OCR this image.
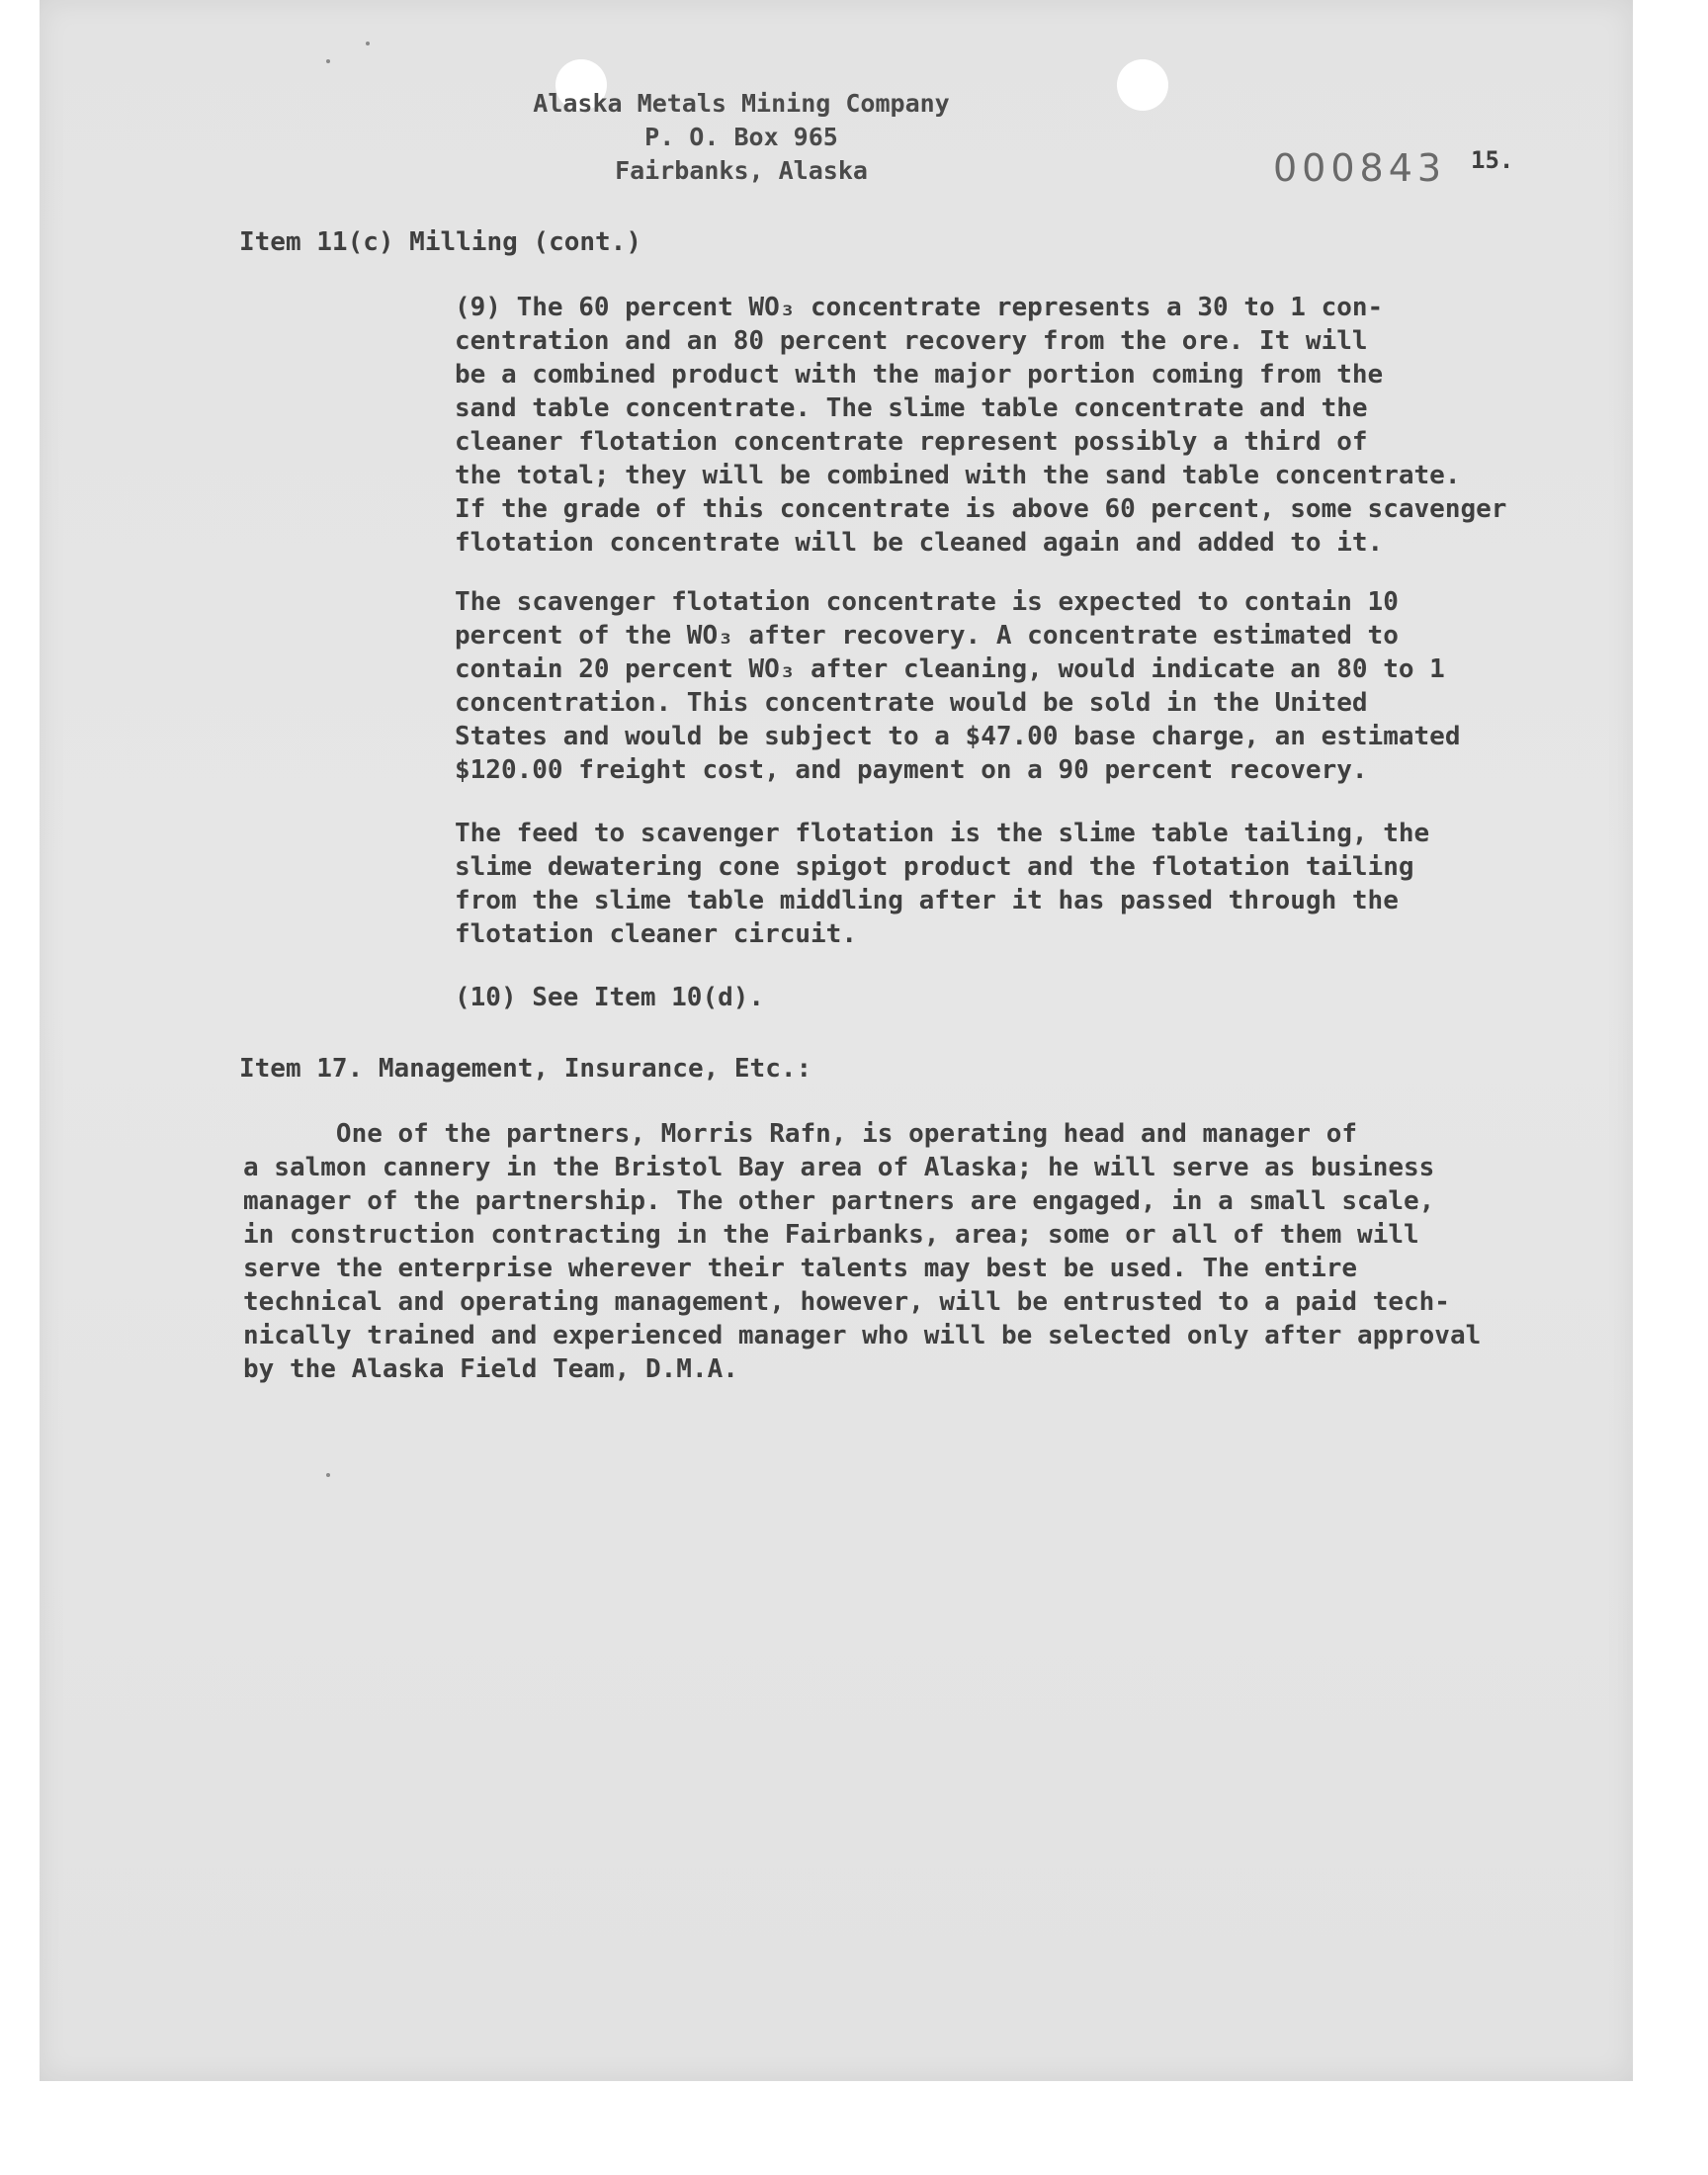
Alaska Metals Mining Company
P. O. Box 965
Fairbanks, Alaska	000843 15.
Item 11(c) Milling (cont.)
(9) The 60 percent WO₃ concentrate represents a 30 to 1 con-
centration and an 80 percent recovery from the ore. It will
be a combined product with the major portion coming from the
sand table concentrate. The slime table concentrate and the
cleaner flotation concentrate represent possibly a third of
the total; they will be combined with the sand table concentrate.
If the grade of this concentrate is above 60 percent, some scavenger
flotation concentrate will be cleaned again and added to it.
The scavenger flotation concentrate is expected to contain 10
percent of the WO₃ after recovery. A concentrate estimated to
contain 20 percent WO₃ after cleaning, would indicate an 80 to 1
concentration. This concentrate would be sold in the United
States and would be subject to a $47.00 base charge, an estimated
$120.00 freight cost, and payment on a 90 percent recovery.
The feed to scavenger flotation is the slime table tailing, the
slime dewatering cone spigot product and the flotation tailing
from the slime table middling after it has passed through the
flotation cleaner circuit.
(10) See Item 10(d).
Item 17. Management, Insurance, Etc.:
One of the partners, Morris Rafn, is operating head and manager of
a salmon cannery in the Bristol Bay area of Alaska; he will serve as business
manager of the partnership. The other partners are engaged, in a small scale,
in construction contracting in the Fairbanks, area; some or all of them will
serve the enterprise wherever their talents may best be used. The entire
technical and operating management, however, will be entrusted to a paid tech-
nically trained and experienced manager who will be selected only after approval
by the Alaska Field Team, D.M.A.
